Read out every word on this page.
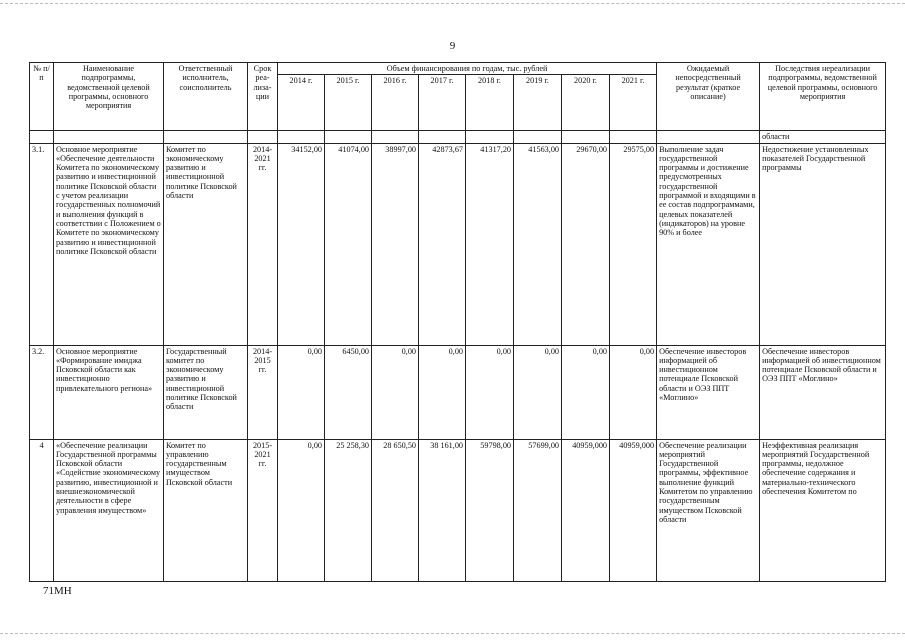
9
№ п/п	Наименование подпрограммы, ведомственной целевой программы, основного мероприятия	Ответственный исполнитель, соисполнитель	Срок реа-лиза-ции	Объем финансирования по годам, тыс. рублей								Ожидаемый непосредственный результат (краткое описание)	Последствия нереализации подпрограммы, ведомственной целевой программы, основного мероприятия
				2014 г.	2015 г.	2016 г.	2017 г.	2018 г.	2019 г.	2020 г.	2021 г.		
													области
3.1.	Основное мероприятие «Обеспечение деятельности Комитета по экономическому развитию и инвестиционной политике Псковской области с учетом реализации государственных полномочий и выполнения функций в соответствии с Положением о Комитете по экономическому развитию и инвестиционной политике Псковской области	Комитет по экономическому развитию и инвестиционной политике Псковской области	2014-2021 гг.	34152,00	41074,00	38997,00	42873,67	41317,20	41563,00	29670,00	29575,00	Выполнение задач государственной программы и достижение предусмотренных государственной программой и входящими в ее состав подпрограммами, целевых показателей (индикаторов) на уровне 90% и более	Недостижение установленных показателей Государственной программы
3.2.	Основное мероприятие «Формирование имиджа Псковской области как инвестиционно привлекательного региона»	Государственный комитет по экономическому развитию и инвестиционной политике Псковской области	2014-2015 гг.	0,00	6450,00	0,00	0,00	0,00	0,00	0,00	0,00	Обеспечение инвесторов информацией об инвестиционном потенциале Псковской области и ОЭЗ ППТ «Моглино»	Обеспечение инвесторов информацией об инвестиционном потенциале Псковской области и ОЭЗ ППТ «Моглино»
4	«Обеспечение реализации Государственной программы Псковской области «Содействие экономическому развитию, инвестиционной и внешнеэкономической деятельности в сфере управления имуществом»	Комитет по управлению государственным имуществом Псковской области	2015-2021 гг.	0,00	25 258,30	28 650,50	38 161,00	59798,00	57699,00	40959,000	40959,000	Обеспечение реализации мероприятий Государственной программы, эффективное выполнение функций Комитетом по управлению государственным имуществом Псковской области	Неэффективная реализация мероприятий Государственной программы, недолжное обеспечение содержания и материально-технического обеспечения Комитетом по
71МН
